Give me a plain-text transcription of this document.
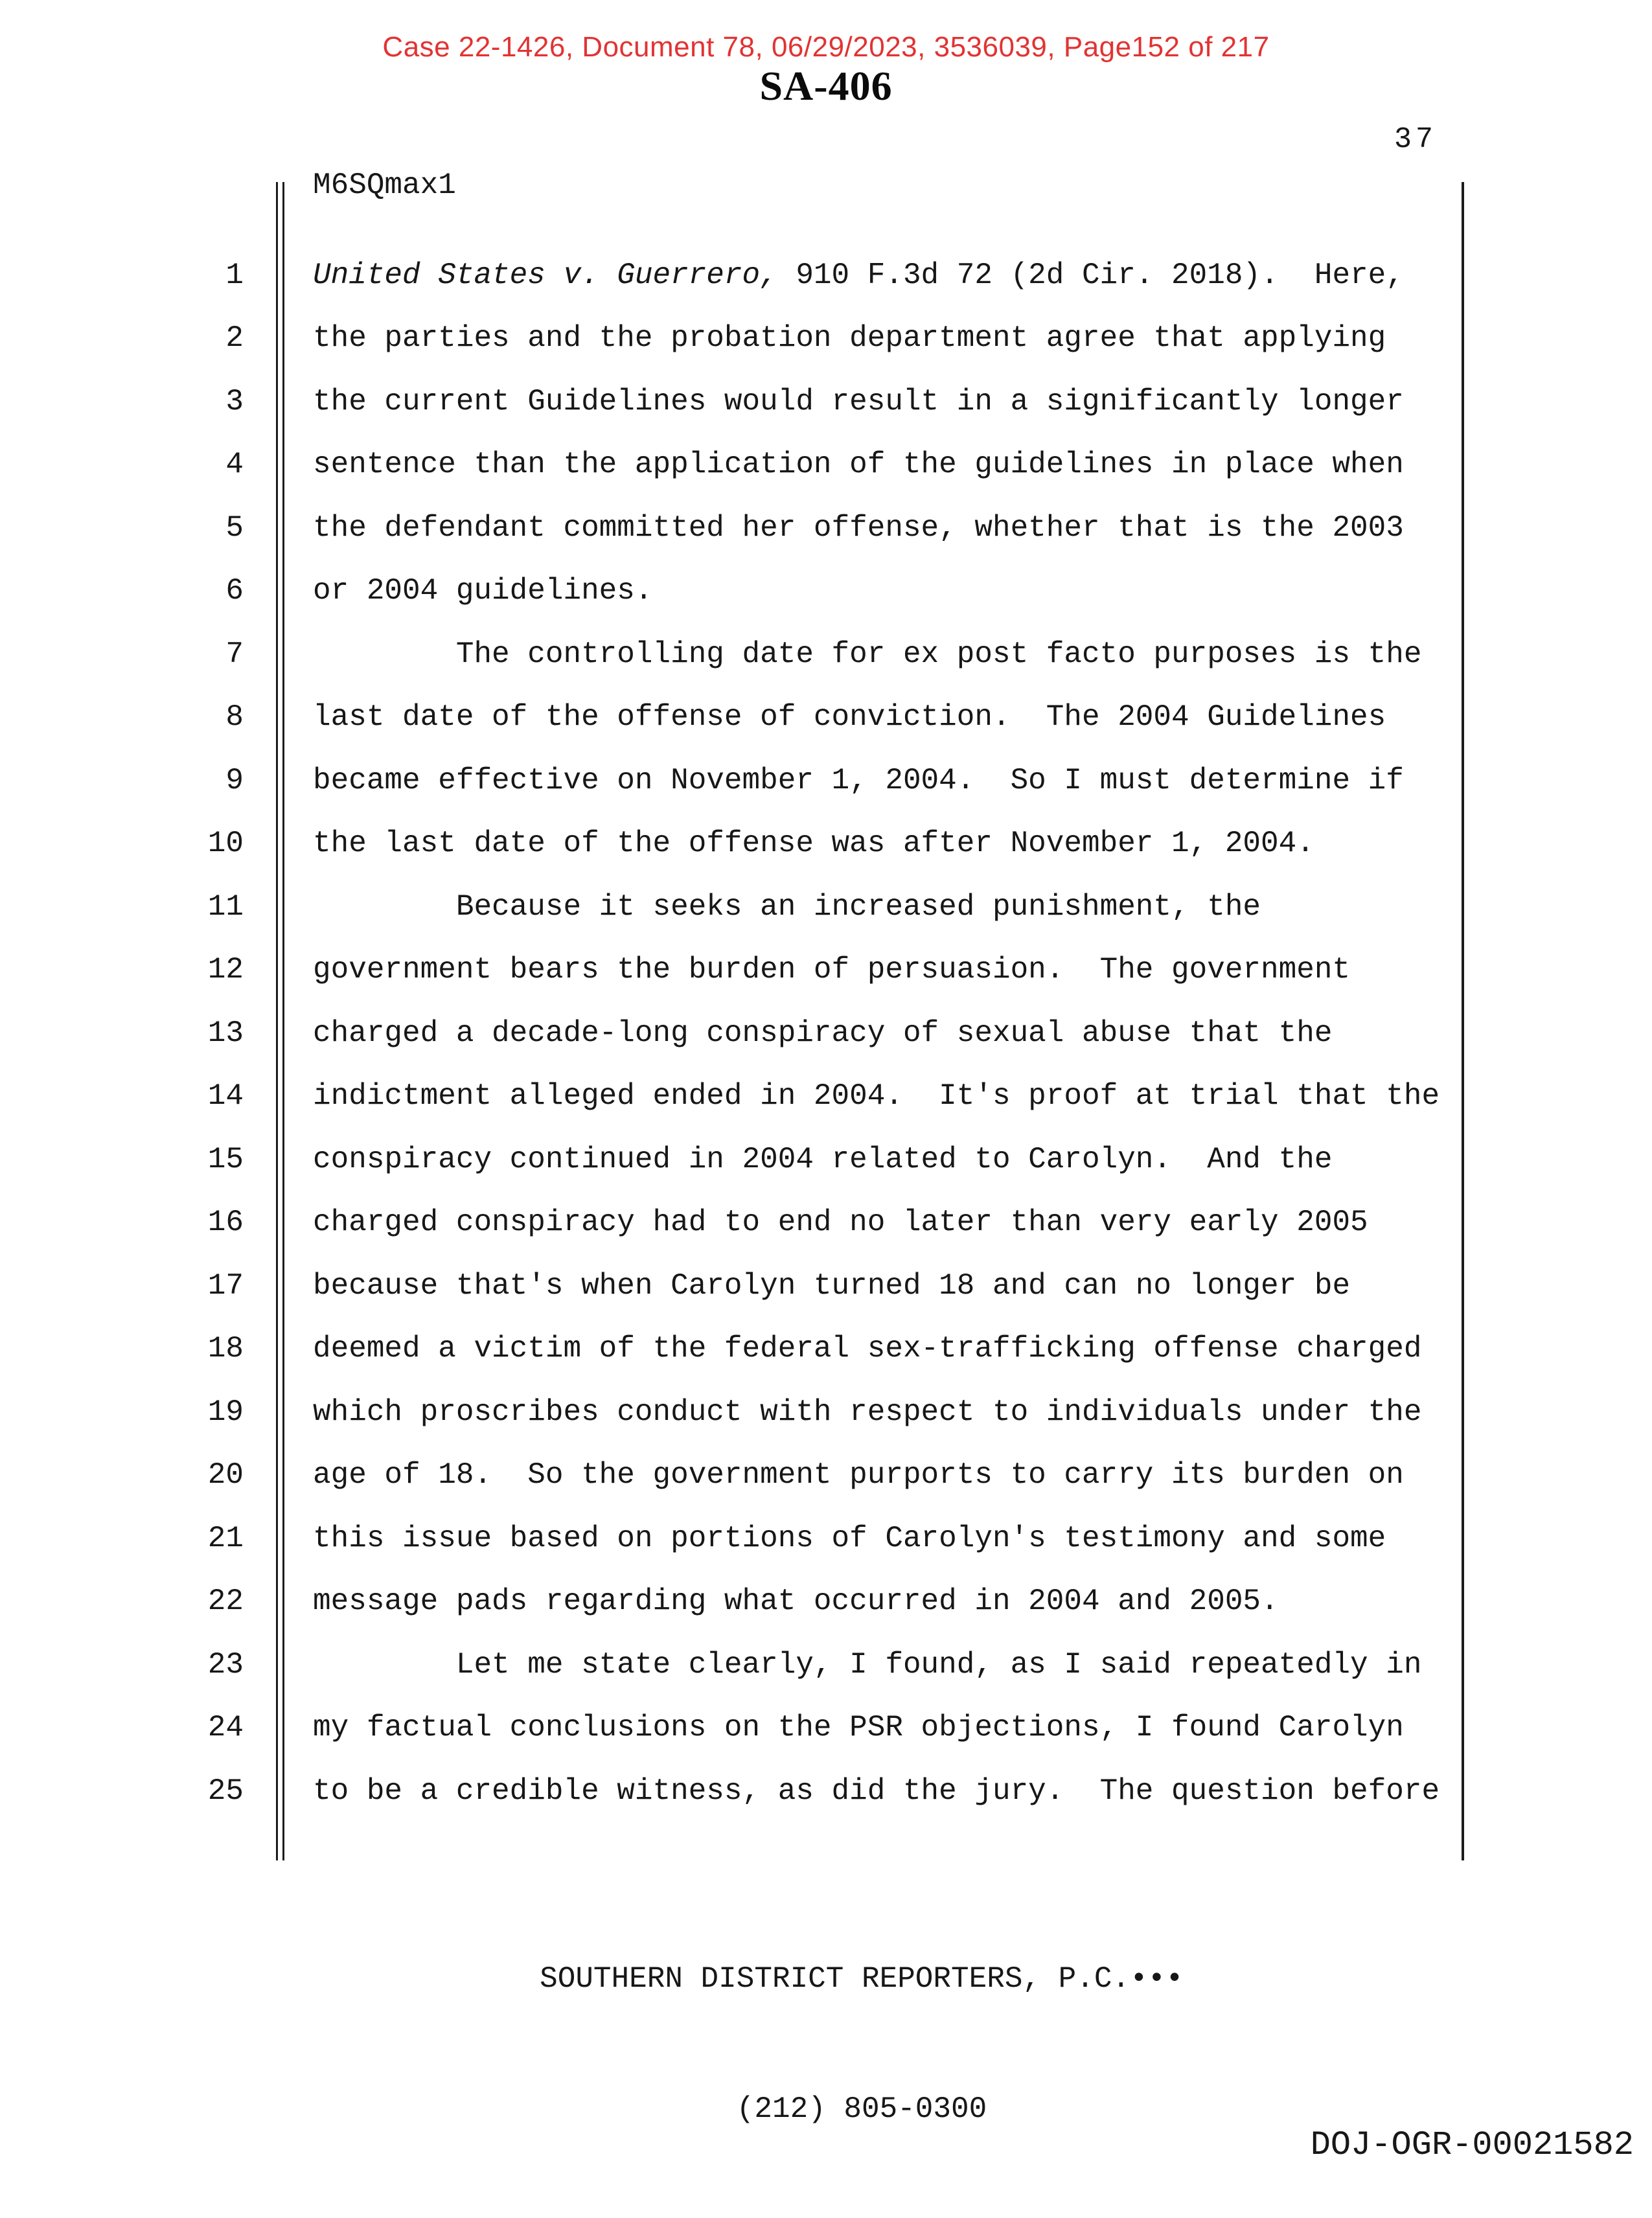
Case 22-1426, Document 78, 06/29/2023, 3536039, Page152 of 217
SA-406
37
M6SQmax1
1	United States v. Guerrero, 910 F.3d 72 (2d Cir. 2018).  Here,
2	the parties and the probation department agree that applying
3	the current Guidelines would result in a significantly longer
4	sentence than the application of the guidelines in place when
5	the defendant committed her offense, whether that is the 2003
6	or 2004 guidelines.
7	The controlling date for ex post facto purposes is the
8	last date of the offense of conviction.  The 2004 Guidelines
9	became effective on November 1, 2004.  So I must determine if
10	the last date of the offense was after November 1, 2004.
11	Because it seeks an increased punishment, the
12	government bears the burden of persuasion.  The government
13	charged a decade-long conspiracy of sexual abuse that the
14	indictment alleged ended in 2004.  It's proof at trial that the
15	conspiracy continued in 2004 related to Carolyn.  And the
16	charged conspiracy had to end no later than very early 2005
17	because that's when Carolyn turned 18 and can no longer be
18	deemed a victim of the federal sex-trafficking offense charged
19	which proscribes conduct with respect to individuals under the
20	age of 18.  So the government purports to carry its burden on
21	this issue based on portions of Carolyn's testimony and some
22	message pads regarding what occurred in 2004 and 2005.
23	Let me state clearly, I found, as I said repeatedly in
24	my factual conclusions on the PSR objections, I found Carolyn
25	to be a credible witness, as did the jury.  The question before

SOUTHERN DISTRICT REPORTERS, P.C.•••

(212) 805-0300

DOJ-OGR-00021582
